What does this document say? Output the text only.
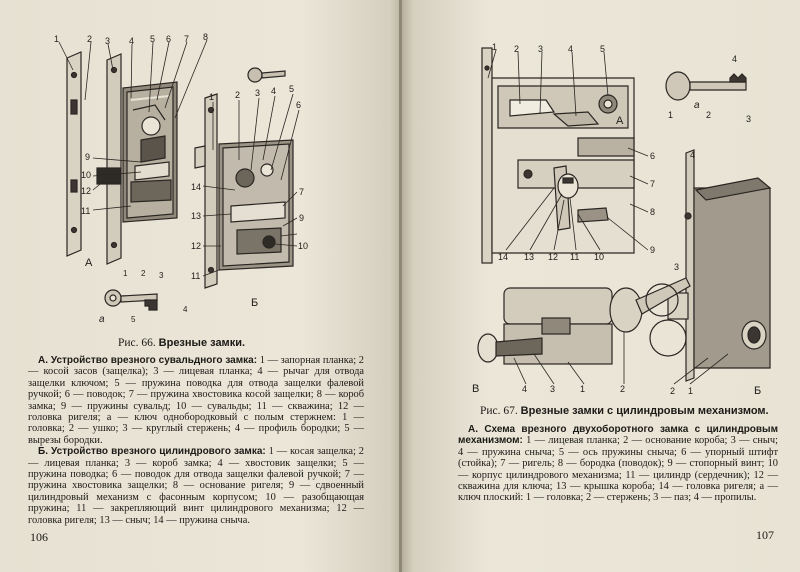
1	2 3 4 5 6 7 8
9
10
12
11
А
1 2 3 4 5
6
7
9
10
14
13
12
11
Б
1 2 3
5
4
а
Рис. 66. Врезные замки.

А. Устройство врезного сувальдного замка: 1 — запорная планка; 2 — косой засов (защелка); 3 — лицевая планка; 4 — рычаг для отвода защелки ключом; 5 — пружина поводка для отвода защелки фалевой ручкой; 6 — поводок; 7 — пружина хвостовика косой защелки; 8 — короб замка; 9 — пружины сувальд; 10 — сувальды; 11 — скважина; 12 — головка ригеля; а — ключ однобородковый с полым стержнем: 1 — головка; 2 — ушко; 3 — круглый стержень; 4 — профиль бородки; 5 — вырезы бородки.

Б. Устройство врезного цилиндрового замка: 1 — косая защелка; 2 — лицевая планка; 3 — короб замка; 4 — хвостовик защелки; 5 — пружина поводка; 6 — поводок для отвода защелки фалевой ручкой; 7 — пружина хвостовика защелки; 8 — основание ригеля; 9 — сдвоенный цилиндровый механизм с фасонным корпусом; 10 — разобщающая пружина; 11 — закрепляющий винт цилиндрового механизма; 12 — головка ригеля; 13 — сныч; 14 — пружина сныча.

106
1 2 3	4	5
А
6
7
8
9
14 13 12 11 10
4
1	2	3
а
4
3
2 1	Б
В	4	3	1	2
Рис. 67. Врезные замки с цилиндровым механизмом.

А. Схема врезного двухоборотного замка с цилиндровым механизмом: 1 — лицевая планка; 2 — основание короба; 3 — сныч; 4 — пружина сныча; 5 — ось пружины сныча; 6 — упорный штифт (стойка); 7 — ригель; 8 — бородка (поводок); 9 — стопорный винт; 10 — корпус цилиндрового механизма; 11 — цилиндр (сердечник); 12 — скважина для ключа; 13 — крышка короба; 14 — головка ригеля; а — ключ плоский: 1 — головка; 2 — стержень; 3 — паз; 4 — пропилы.

107
